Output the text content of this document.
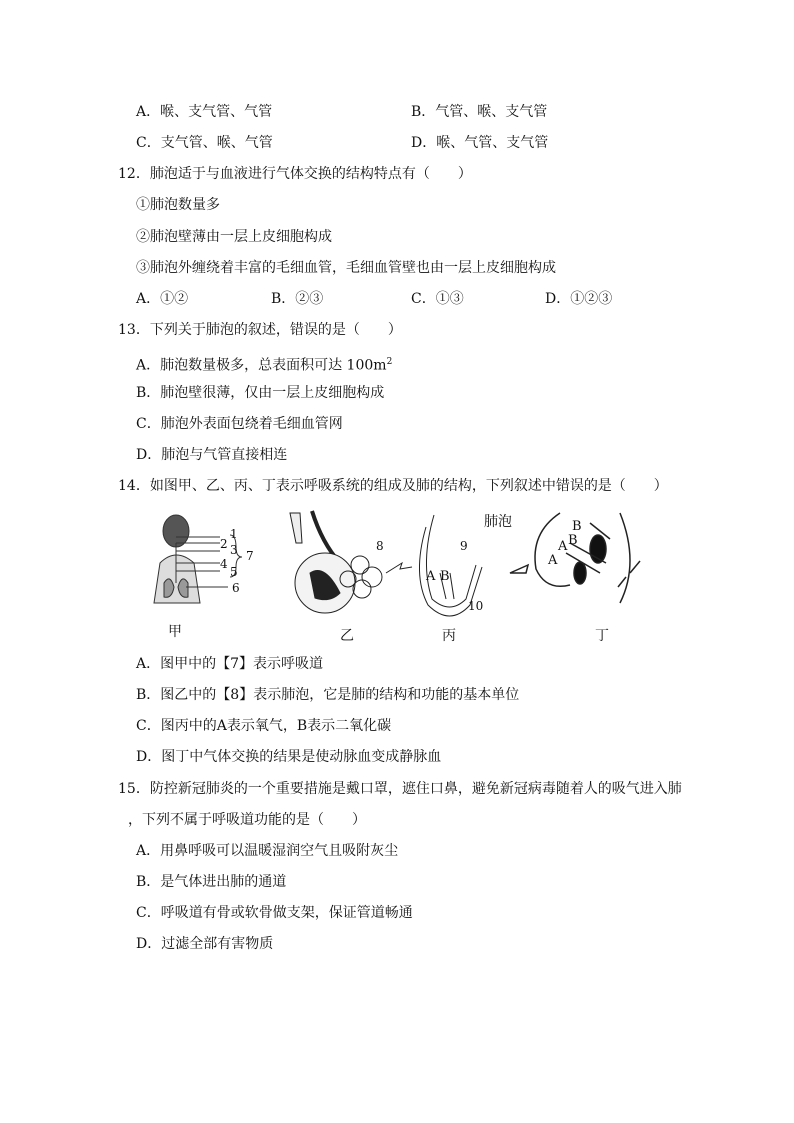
A．喉、支气管、气管	B．气管、喉、支气管
C．支气管、喉、气管	D．喉、气管、支气管
12．肺泡适于与血液进行气体交换的结构特点有（　　）
①肺泡数量多
②肺泡壁薄由一层上皮细胞构成
③肺泡外缠绕着丰富的毛细血管，毛细血管壁也由一层上皮细胞构成
A．①②	B．②③	C．①③	D．①②③
13．下列关于肺泡的叙述，错误的是（　　）
A．肺泡数量极多，总表面积可达 $100m^2$
B．肺泡壁很薄，仅由一层上皮细胞构成
C．肺泡外表面包绕着毛细血管网
D．肺泡与气管直接相连
14．如图甲、乙、丙、丁表示呼吸系统的组成及肺的结构，下列叙述中错误的是（　　）
甲	乙	丙	丁
肺泡
1
2 3
4
5
6
7
8	9
10
A B
B
B
A
A
A．图甲中的【7】表示呼吸道
B．图乙中的【8】表示肺泡，它是肺的结构和功能的基本单位
C．图丙中的A表示氧气，B表示二氧化碳
D．图丁中气体交换的结果是使动脉血变成静脉血
15．防控新冠肺炎的一个重要措施是戴口罩，遮住口鼻，避免新冠病毒随着人的吸气进入肺
，下列不属于呼吸道功能的是（　　）
A．用鼻呼吸可以温暖湿润空气且吸附灰尘
B．是气体进出肺的通道
C．呼吸道有骨或软骨做支架，保证管道畅通
D．过滤全部有害物质
